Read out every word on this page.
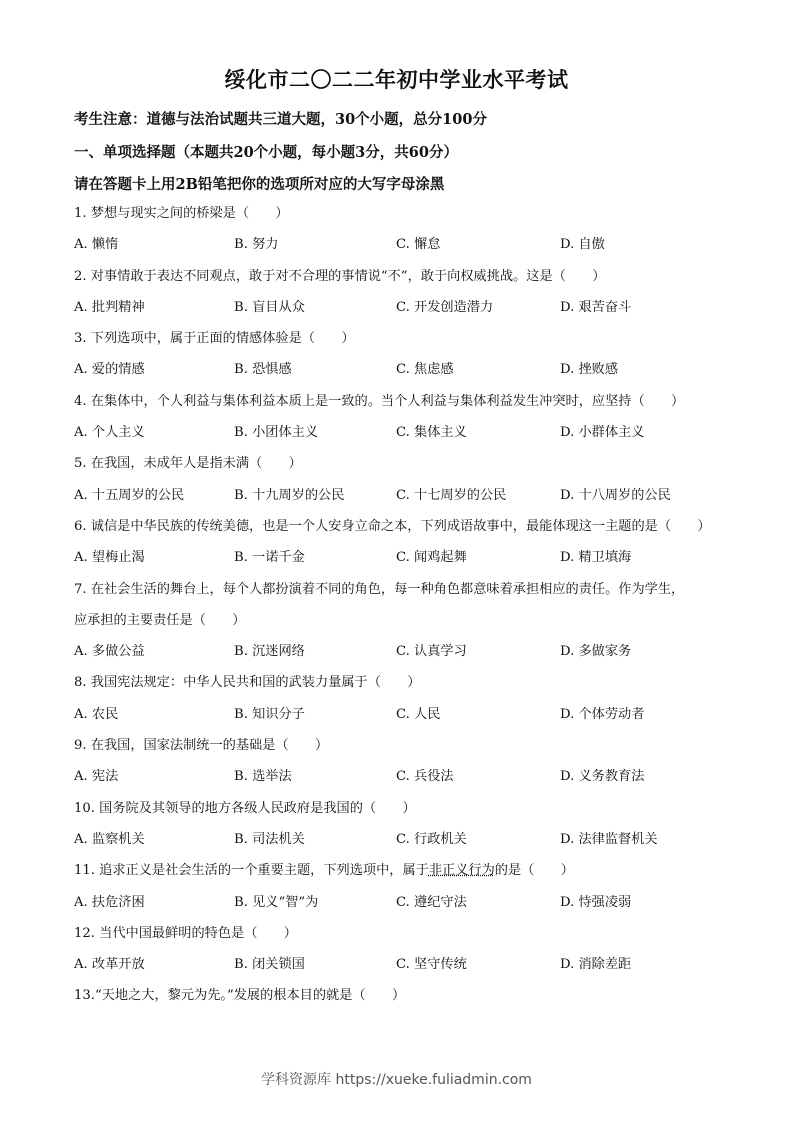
绥化市二〇二二年初中学业水平考试
考生注意：道德与法治试题共三道大题，30个小题，总分100分
一、单项选择题（本题共20个小题，每小题3分，共60分）
请在答题卡上用2B铅笔把你的选项所对应的大写字母涂黑
1. 梦想与现实之间的桥梁是（　　）
A. 懒惰	B. 努力	C. 懈怠	D. 自傲
2. 对事情敢于表达不同观点，敢于对不合理的事情说“不”，敢于向权威挑战。这是（　　）
A. 批判精神	B. 盲目从众	C. 开发创造潜力	D. 艰苦奋斗
3. 下列选项中，属于正面的情感体验是（　　）
A. 爱的情感	B. 恐惧感	C. 焦虑感	D. 挫败感
4. 在集体中，个人利益与集体利益本质上是一致的。当个人利益与集体利益发生冲突时，应坚持（　　）
A. 个人主义	B. 小团体主义	C. 集体主义	D. 小群体主义
5. 在我国，未成年人是指未满（　　）
A. 十五周岁的公民	B. 十九周岁的公民	C. 十七周岁的公民	D. 十八周岁的公民
6. 诚信是中华民族的传统美德，也是一个人安身立命之本，下列成语故事中，最能体现这一主题的是（　　）
A. 望梅止渴	B. 一诺千金	C. 闻鸡起舞	D. 精卫填海
7. 在社会生活的舞台上，每个人都扮演着不同的角色，每一种角色都意味着承担相应的责任。作为学生，
应承担的主要责任是（　　）
A. 多做公益	B. 沉迷网络	C. 认真学习	D. 多做家务
8. 我国宪法规定：中华人民共和国的武装力量属于（　　）
A. 农民	B. 知识分子	C. 人民	D. 个体劳动者
9. 在我国，国家法制统一的基础是（　　）
A. 宪法	B. 选举法	C. 兵役法	D. 义务教育法
10. 国务院及其领导的地方各级人民政府是我国的（　　）
A. 监察机关	B. 司法机关	C. 行政机关	D. 法律监督机关
11. 追求正义是社会生活的一个重要主题，下列选项中，属于非正义行为的是（　　）
A. 扶危济困	B. 见义“智”为	C. 遵纪守法	D. 恃强凌弱
12. 当代中国最鲜明的特色是（　　）
A. 改革开放	B. 闭关锁国	C. 坚守传统	D. 消除差距
13.“天地之大，黎元为先。”发展的根本目的就是（　　）
学科资源库 https://xueke.fuliadmin.com
